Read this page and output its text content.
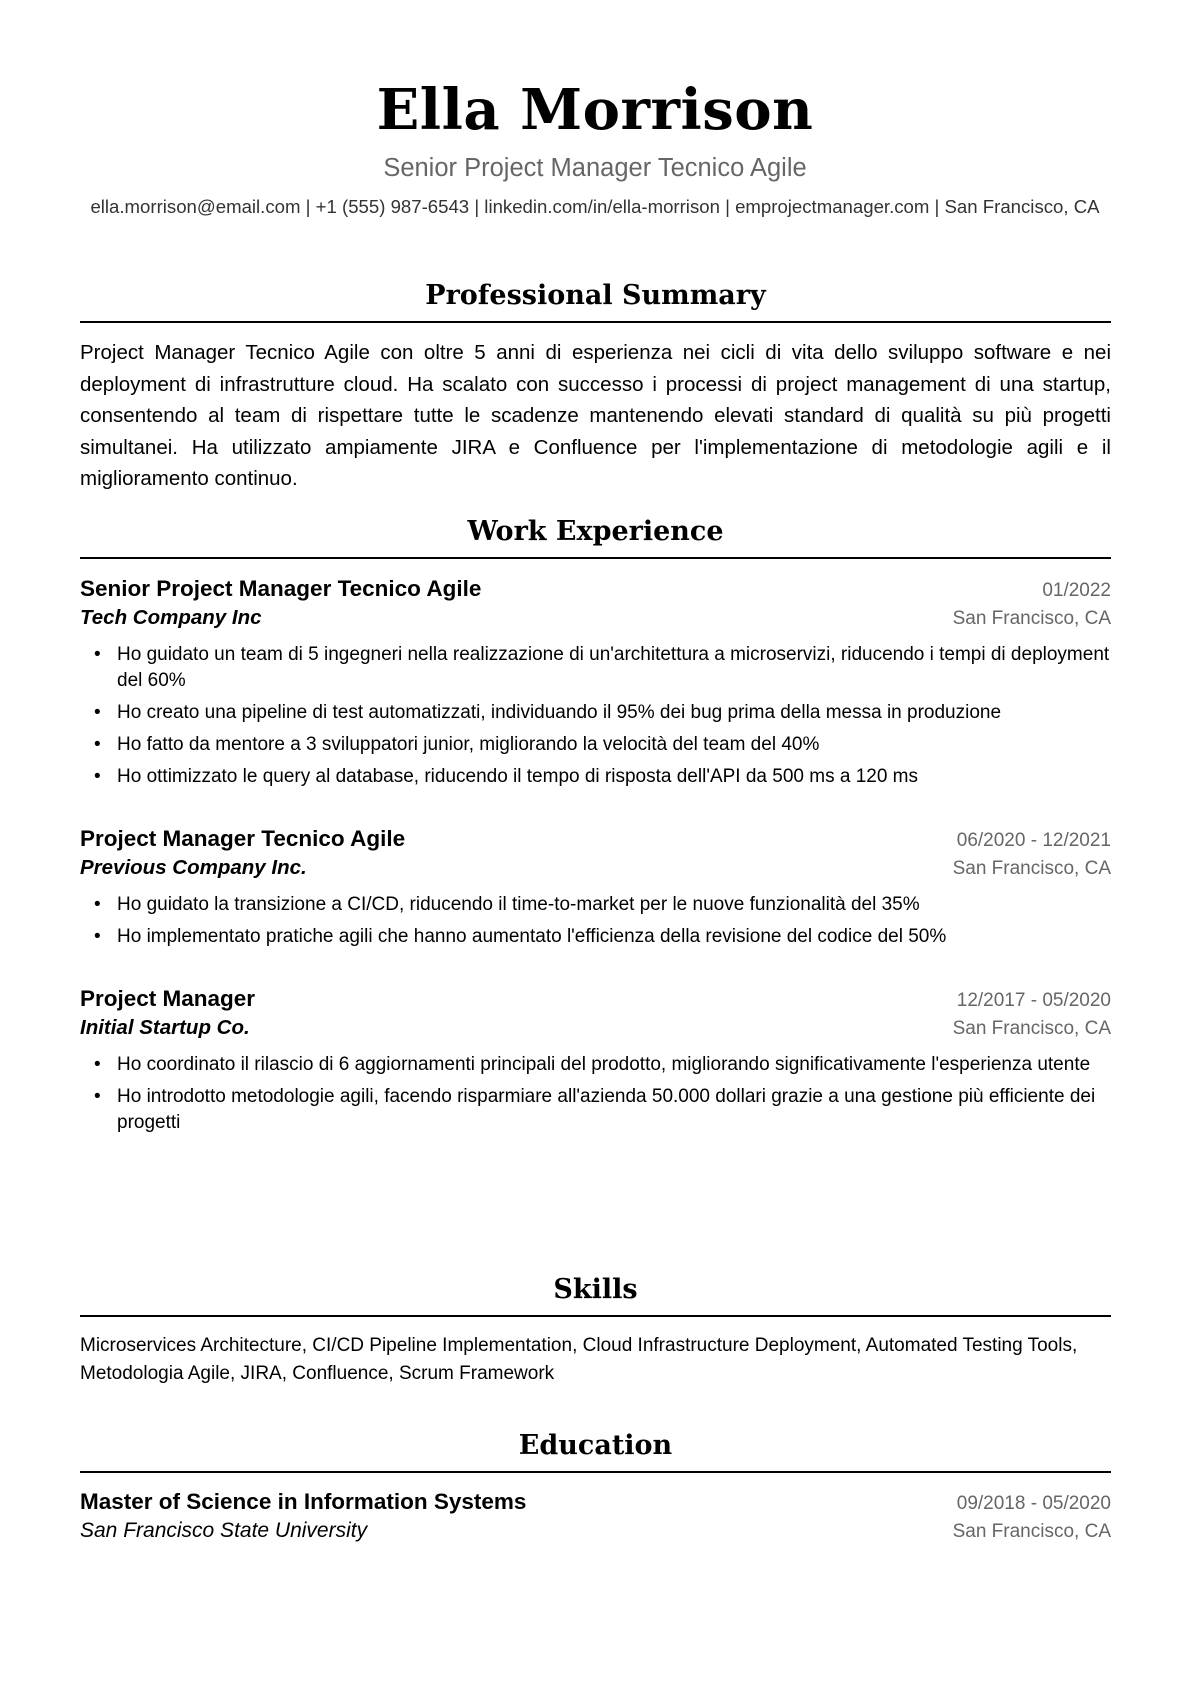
Ella Morrison
Senior Project Manager Tecnico Agile
ella.morrison@email.com | +1 (555) 987-6543 | linkedin.com/in/ella-morrison | emprojectmanager.com | San Francisco, CA
Professional Summary
Project Manager Tecnico Agile con oltre 5 anni di esperienza nei cicli di vita dello sviluppo software e nei deployment di infrastrutture cloud. Ha scalato con successo i processi di project management di una startup, consentendo al team di rispettare tutte le scadenze mantenendo elevati standard di qualità su più progetti simultanei. Ha utilizzato ampiamente JIRA e Confluence per l'implementazione di metodologie agili e il miglioramento continuo.
Work Experience
Senior Project Manager Tecnico Agile	01/2022
Tech Company Inc	San Francisco, CA
• Ho guidato un team di 5 ingegneri nella realizzazione di un'architettura a microservizi, riducendo i tempi di deployment del 60%
• Ho creato una pipeline di test automatizzati, individuando il 95% dei bug prima della messa in produzione
• Ho fatto da mentore a 3 sviluppatori junior, migliorando la velocità del team del 40%
• Ho ottimizzato le query al database, riducendo il tempo di risposta dell'API da 500 ms a 120 ms
Project Manager Tecnico Agile	06/2020 - 12/2021
Previous Company Inc.	San Francisco, CA
• Ho guidato la transizione a CI/CD, riducendo il time-to-market per le nuove funzionalità del 35%
• Ho implementato pratiche agili che hanno aumentato l'efficienza della revisione del codice del 50%
Project Manager	12/2017 - 05/2020
Initial Startup Co.	San Francisco, CA
• Ho coordinato il rilascio di 6 aggiornamenti principali del prodotto, migliorando significativamente l'esperienza utente
• Ho introdotto metodologie agili, facendo risparmiare all'azienda 50.000 dollari grazie a una gestione più efficiente dei progetti
Skills
Microservices Architecture, CI/CD Pipeline Implementation, Cloud Infrastructure Deployment, Automated Testing Tools, Metodologia Agile, JIRA, Confluence, Scrum Framework
Education
Master of Science in Information Systems	09/2018 - 05/2020
San Francisco State University	San Francisco, CA
